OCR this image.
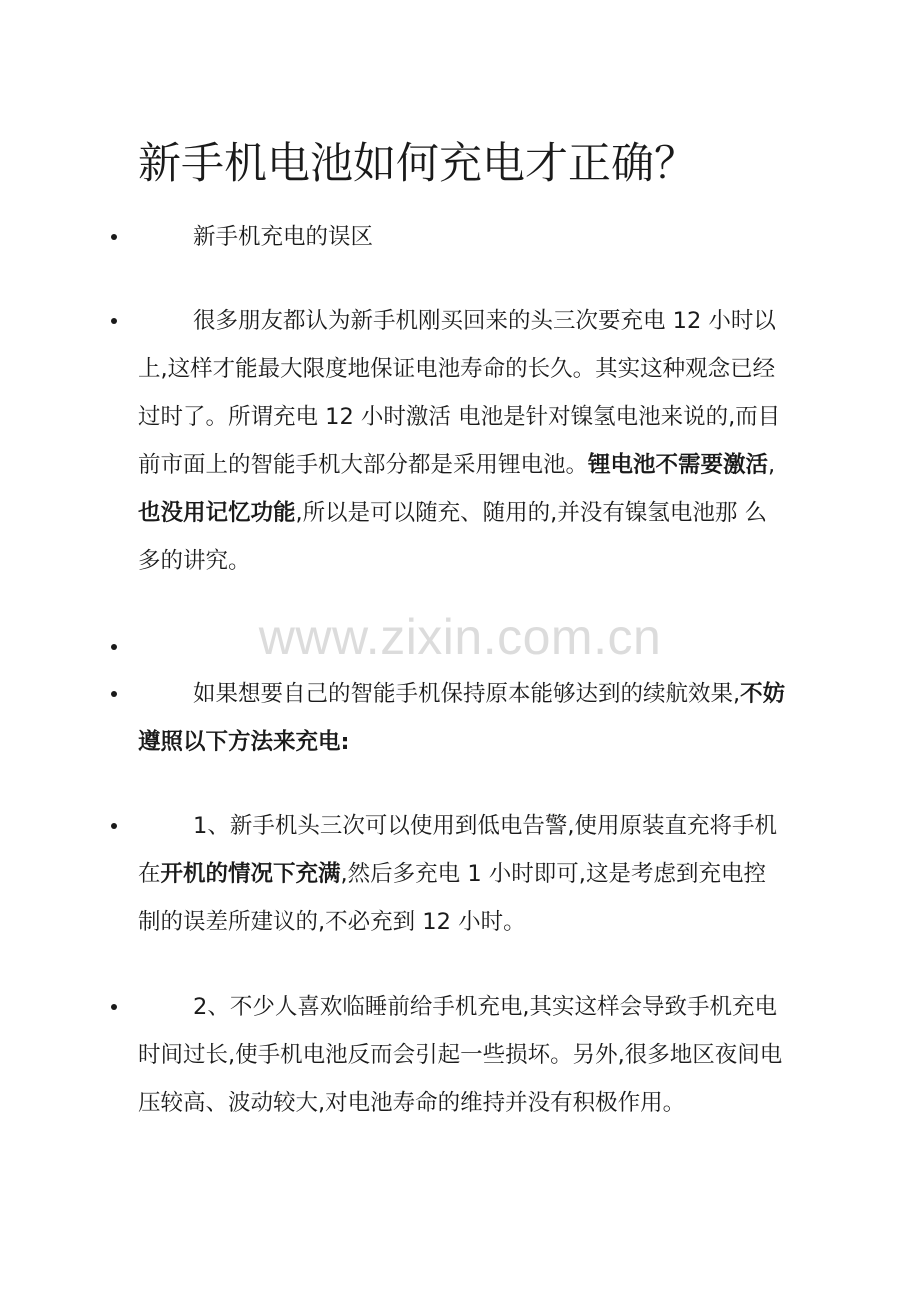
新手机电池如何充电才正确？

新手机充电的误区

很多朋友都认为新手机刚买回来的头三次要充电 12 小时以上,这样才能最大限度地保证电池寿命的长久。其实这种观念已经过时了。所谓充电 12 小时激活 电池是针对镍氢电池来说的,而目前市面上的智能手机大部分都是采用锂电池。锂电池不需要激活,也没用记忆功能,所以是可以随充、随用的,并没有镍氢电池那 么多的讲究。

www.zixin.com.cn

如果想要自己的智能手机保持原本能够达到的续航效果,不妨遵照以下方法来充电:

1、新手机头三次可以使用到低电告警,使用原装直充将手机在开机的情况下充满,然后多充电 1 小时即可,这是考虑到充电控制的误差所建议的,不必充到 12 小时。

2、不少人喜欢临睡前给手机充电,其实这样会导致手机充电时间过长,使手机电池反而会引起一些损坏。另外,很多地区夜间电压较高、波动较大,对电池寿命的维持并没有积极作用。
